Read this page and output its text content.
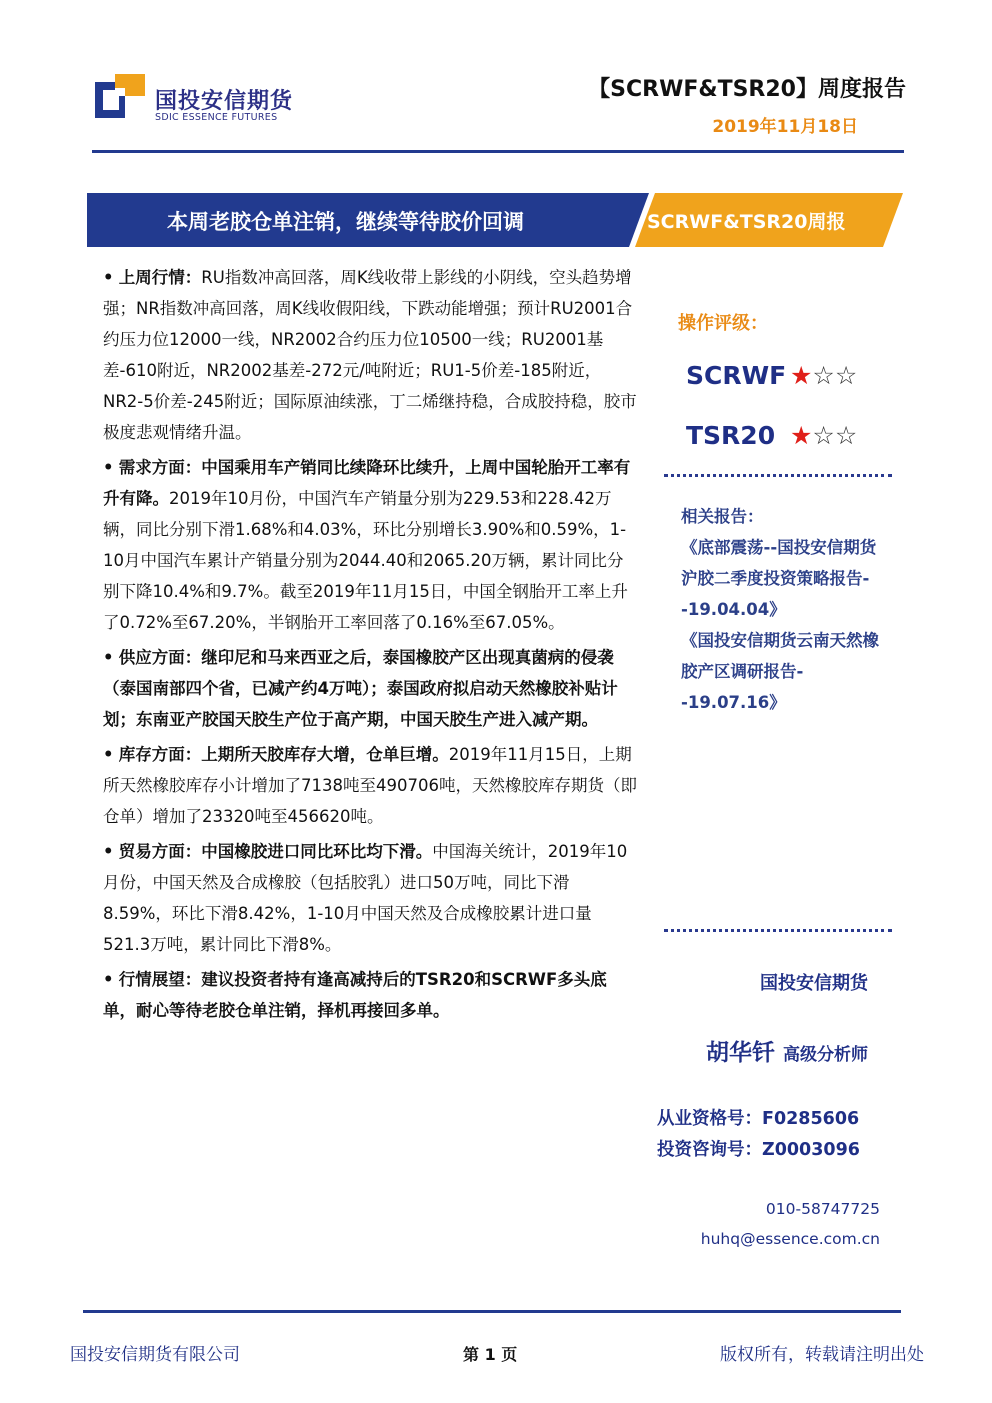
国投安信期货
SDIC ESSENCE FUTURES
【SCRWF&TSR20】周度报告
2019年11月18日
本周老胶仓单注销，继续等待胶价回调	SCRWF&TSR20周报

• 上周行情：RU指数冲高回落，周K线收带上影线的小阴线，空头趋势增强；NR指数冲高回落，周K线收假阳线，下跌动能增强；预计RU2001合约压力位12000一线，NR2002合约压力位10500一线；RU2001基差-610附近，NR2002基差-272元/吨附近；RU1-5价差-185附近，NR2-5价差-245附近；国际原油续涨，丁二烯继持稳，合成胶持稳，胶市极度悲观情绪升温。

• 需求方面：中国乘用车产销同比续降环比续升，上周中国轮胎开工率有升有降。2019年10月份，中国汽车产销量分别为229.53和228.42万辆，同比分别下滑1.68%和4.03%，环比分别增长3.90%和0.59%，1-10月中国汽车累计产销量分别为2044.40和2065.20万辆，累计同比分别下降10.4%和9.7%。截至2019年11月15日，中国全钢胎开工率上升了0.72%至67.20%，半钢胎开工率回落了0.16%至67.05%。

• 供应方面：继印尼和马来西亚之后，泰国橡胶产区出现真菌病的侵袭（泰国南部四个省，已减产约4万吨）；泰国政府拟启动天然橡胶补贴计划；东南亚产胶国天胶生产位于高产期，中国天胶生产进入减产期。

• 库存方面：上期所天胶库存大增，仓单巨增。2019年11月15日，上期所天然橡胶库存小计增加了7138吨至490706吨，天然橡胶库存期货（即仓单）增加了23320吨至456620吨。

• 贸易方面：中国橡胶进口同比环比均下滑。中国海关统计，2019年10月份，中国天然及合成橡胶（包括胶乳）进口50万吨，同比下滑8.59%，环比下滑8.42%，1-10月中国天然及合成橡胶累计进口量521.3万吨，累计同比下滑8%。

• 行情展望：建议投资者持有逢高减持后的TSR20和SCRWF多头底单，耐心等待老胶仓单注销，择机再接回多单。

操作评级：
SCRWF ★☆☆
TSR20 ★☆☆
相关报告：
《底部震荡--国投安信期货沪胶二季度投资策略报告--19.04.04》
《国投安信期货云南天然橡胶产区调研报告--19.07.16》
国投安信期货
胡华钎 高级分析师
从业资格号：F0285606
投资咨询号：Z0003096
010-58747725
huhq@essence.com.cn
国投安信期货有限公司	第 1 页	版权所有，转载请注明出处
